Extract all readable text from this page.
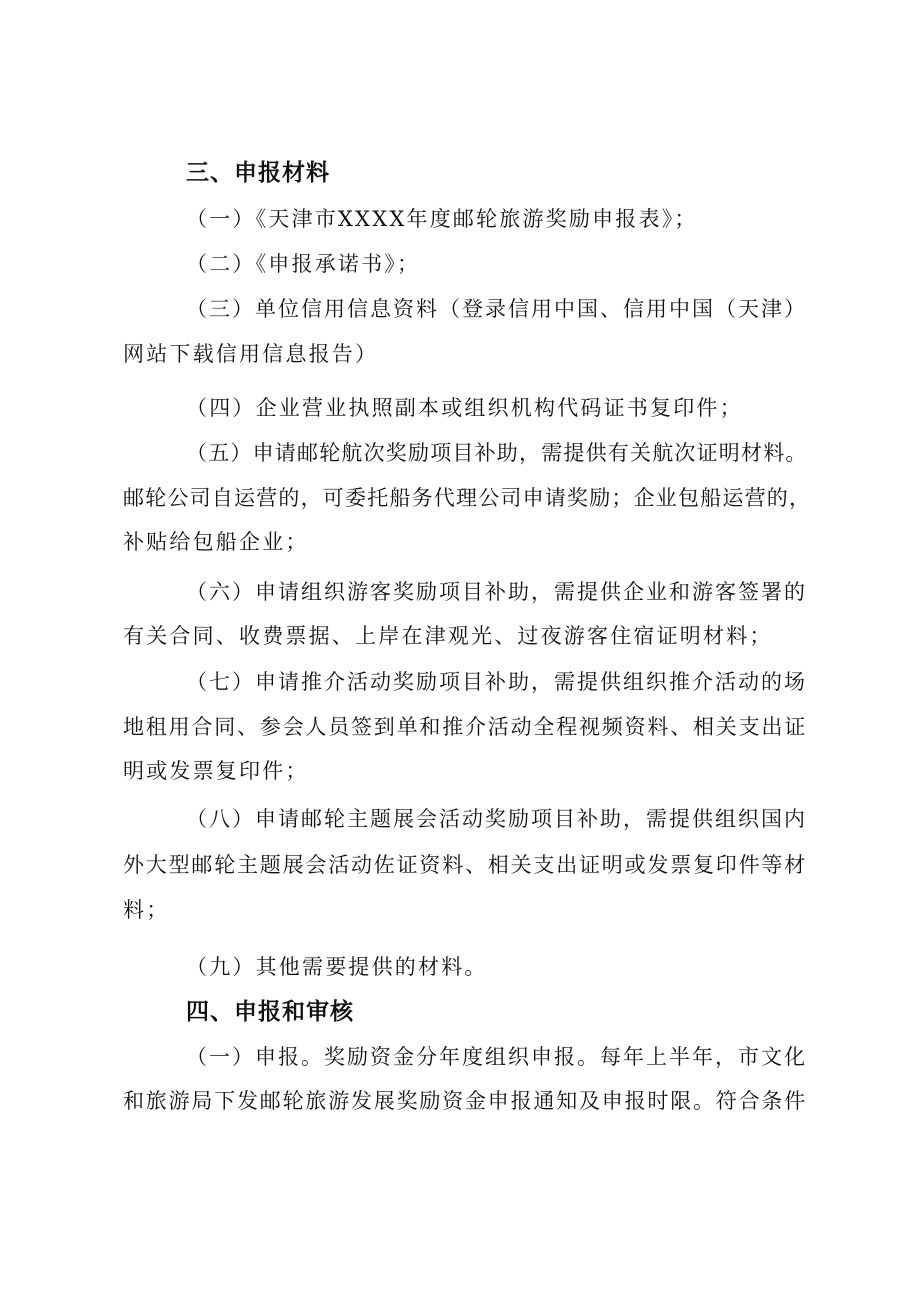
三、申报材料
（一）《天津市XXXX年度邮轮旅游奖励申报表》；
（二）《申报承诺书》；
（三）单位信用信息资料（登录信用中国、信用中国（天津）
网站下载信用信息报告）
（四）企业营业执照副本或组织机构代码证书复印件；
（五）申请邮轮航次奖励项目补助，需提供有关航次证明材料。
邮轮公司自运营的，可委托船务代理公司申请奖励；企业包船运营的，
补贴给包船企业；
（六）申请组织游客奖励项目补助，需提供企业和游客签署的
有关合同、收费票据、上岸在津观光、过夜游客住宿证明材料；
（七）申请推介活动奖励项目补助，需提供组织推介活动的场
地租用合同、参会人员签到单和推介活动全程视频资料、相关支出证
明或发票复印件；
（八）申请邮轮主题展会活动奖励项目补助，需提供组织国内
外大型邮轮主题展会活动佐证资料、相关支出证明或发票复印件等材
料；
（九）其他需要提供的材料。
四、申报和审核
（一）申报。奖励资金分年度组织申报。每年上半年，市文化
和旅游局下发邮轮旅游发展奖励资金申报通知及申报时限。符合条件
